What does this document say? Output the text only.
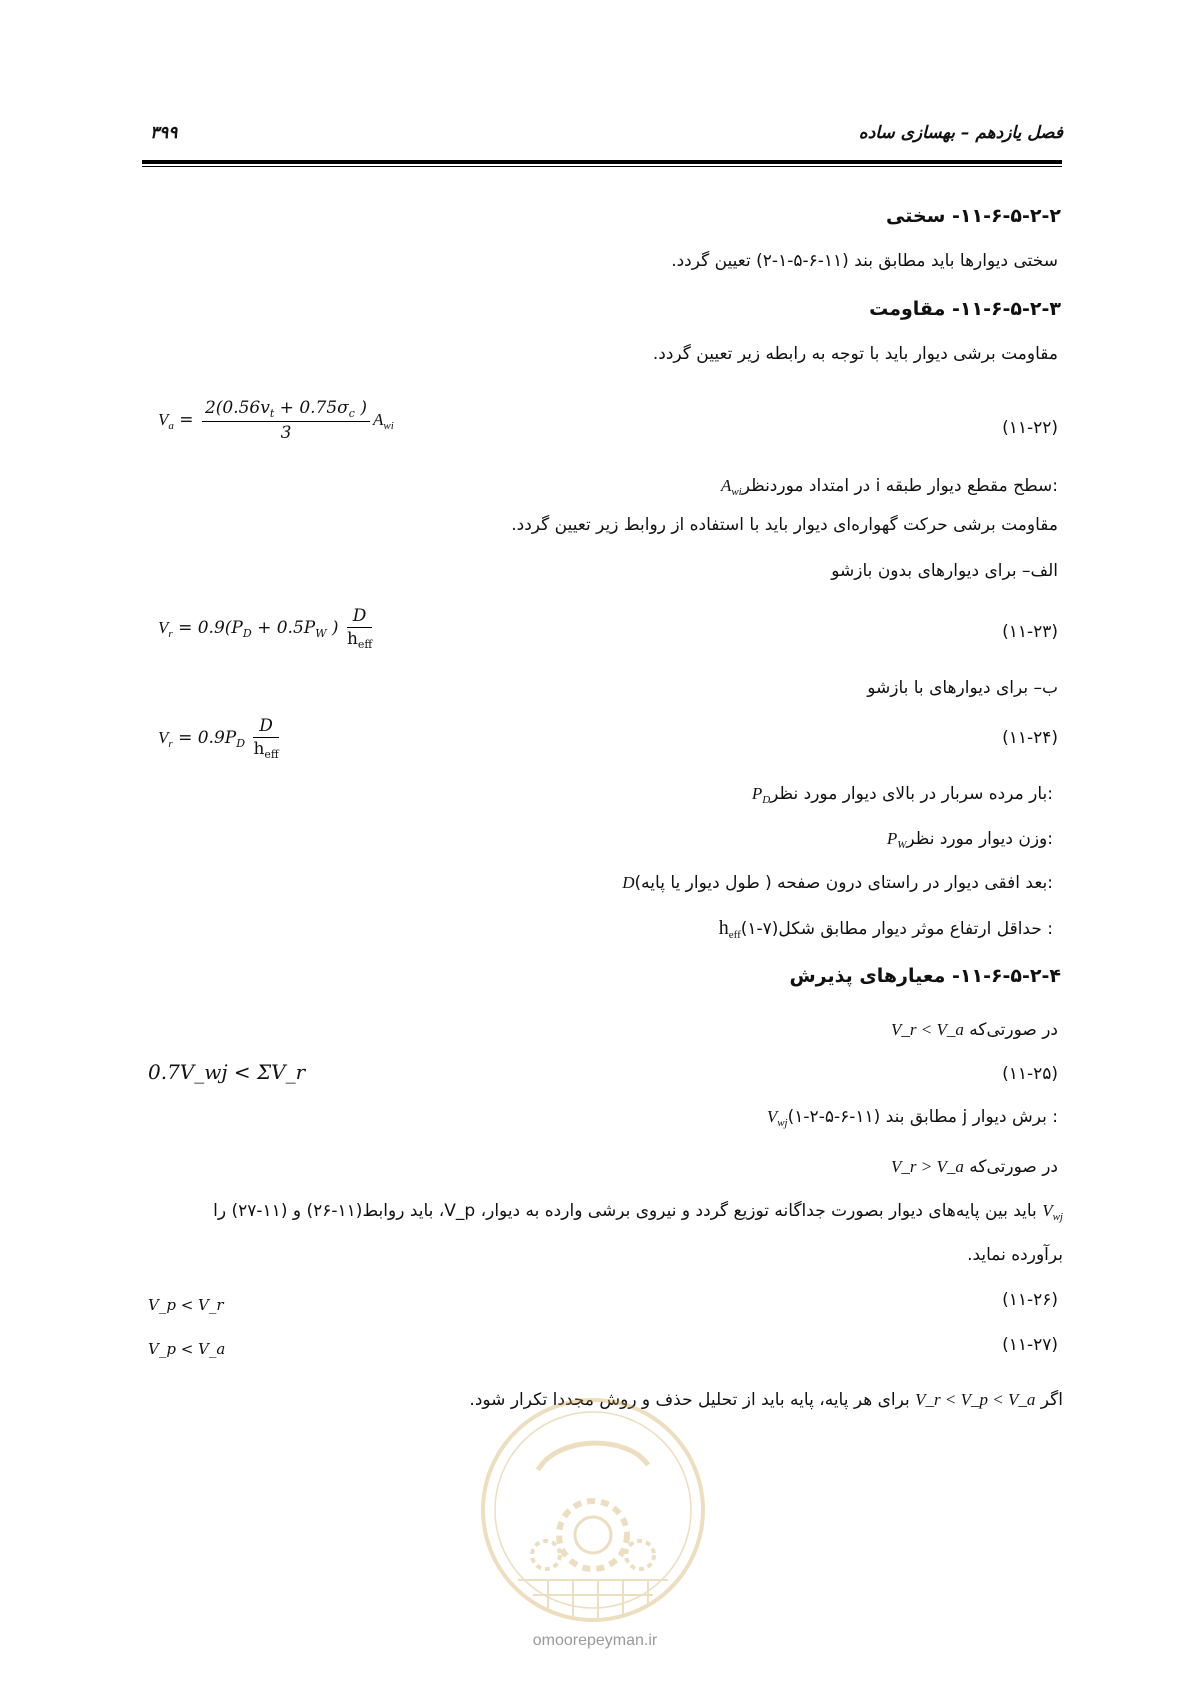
۳۹۹	فصل یازدهم – بهسازی ساده
۱۱-۶-۵-۲-۲- سختی
سختی دیوارها باید مطابق بند (۱۱-۶-۵-۱-۲) تعیین گردد.
۱۱-۶-۵-۲-۳- مقاومت
مقاومت برشی دیوار باید با توجه به رابطه زیر تعیین گردد.
$V_a = \frac{2(0.56v_t + 0.75\sigma_c )}{3} A_{wi}$	(۱۱-۲۲)
:سطح مقطع دیوار طبقه i در امتداد موردنظرA$_{wi}$
مقاومت برشی حرکت گهواره‌ای دیوار باید با استفاده از روابط زیر تعیین گردد.
الف– برای دیوارهای بدون بازشو
$V_r = 0.9(P_D + 0.5P_W$ ) $\frac{D}{h_{eff}}$	(۱۱-۲۳)
ب– برای دیوارهای با بازشو
$V_r = 0.9P_D \frac{D}{h_{eff}}$	(۱۱-۲۴)
:بار مرده سربار در بالای دیوار مورد نظرP$_D$
:وزن دیوار مورد نظرP$_W$
:بعد افقی دیوار در راستای درون صفحه ( طول دیوار یا پایه)D
: حداقل ارتفاع موثر دیوار مطابق $شکل(۷-۱)h_{eff}$
۱۱-۶-۵-۲-۴- معیارهای پذیرش
در صورتی‌که V_r < V_a
0.7V_wj < ΣV_r	(۱۱-۲۵)
: برش دیوار j مطابق بند $(۱۱-۶-۵-۲-۱)V_{wj}$
در صورتی‌که V_r > V_a
$V_{wj}$ باید بین پایه‌های دیوار بصورت جداگانه توزیع گردد و نیروی برشی وارده به دیوار، V_p، باید روابط(۱۱-۲۶) و (۱۱-۲۷) را
برآورده نماید.
V_p < V_r	(۱۱-۲۶)
V_p < V_a	(۱۱-۲۷)
اگر V_r < V_p < V_a برای هر پایه، پایه باید از تحلیل حذف و روش مجددا تکرار شود.
omoorepeyman.ir
